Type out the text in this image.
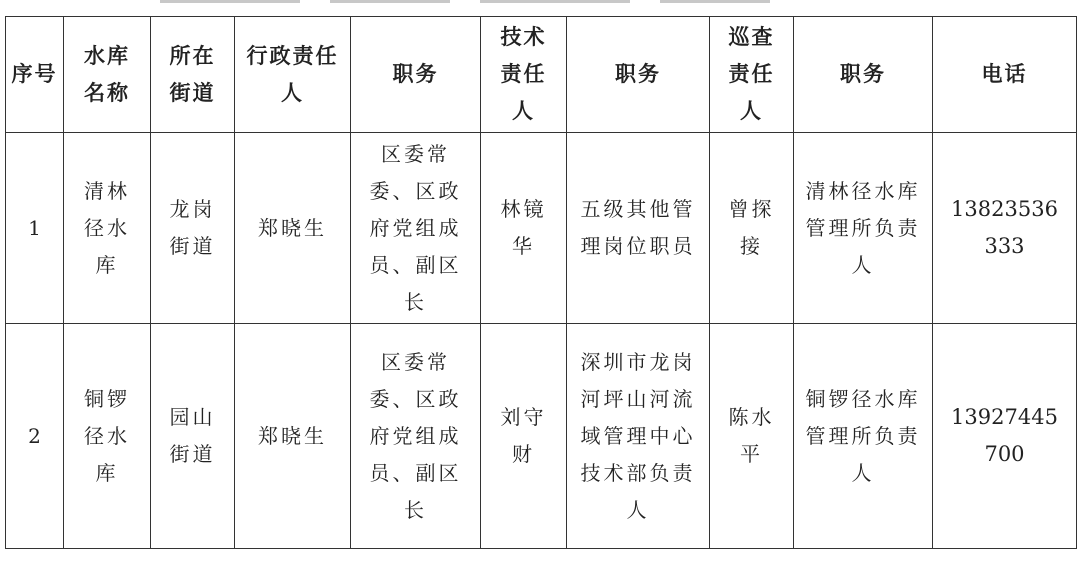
序号	水库名称	所在街道	行政责任人	职务	技术责任人	职务	巡查责任人	职务	电话
1	清林径水库	龙岗街道	郑晓生	区委常委、区政府党组成员、副区长	林镜华	五级其他管理岗位职员	曾探接	清林径水库管理所负责人	13823536333
2	铜锣径水库	园山街道	郑晓生	区委常委、区政府党组成员、副区长	刘守财	深圳市龙岗河坪山河流域管理中心技术部负责人	陈水平	铜锣径水库管理所负责人	13927445700
